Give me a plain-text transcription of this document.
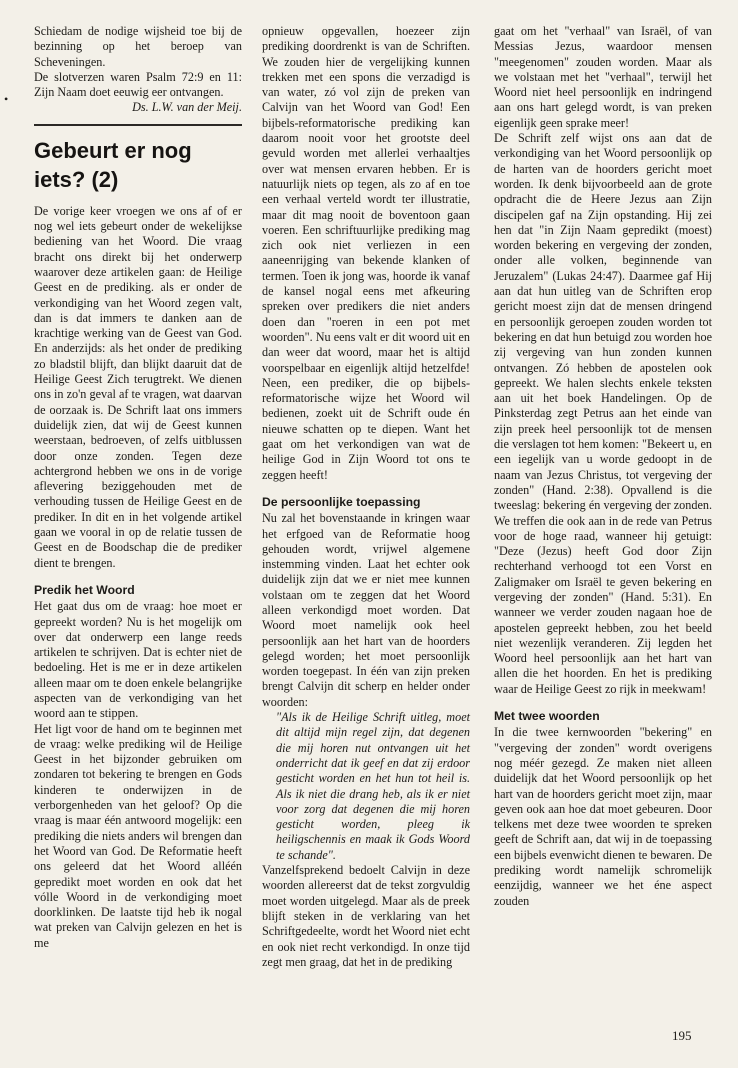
•

Schiedam de nodige wijsheid toe bij de bezinning op het beroep van Scheveningen.

De slotverzen waren Psalm 72:9 en 11: Zijn Naam doet eeuwig eer ontvangen.

Ds. L.W. van der Meij.

Gebeurt er nog iets? (2)

De vorige keer vroegen we ons af of er nog wel iets gebeurt onder de wekelijkse bediening van het Woord. Die vraag bracht ons direkt bij het onderwerp waarover deze artikelen gaan: de Heilige Geest en de prediking. als er onder de verkondiging van het Woord zegen valt, dan is dat immers te danken aan de krachtige werking van de Geest van God. En anderzijds: als het onder de prediking zo bladstil blijft, dan blijkt daaruit dat de Heilige Geest Zich terugtrekt. We dienen ons in zo'n geval af te vragen, wat daarvan de oorzaak is. De Schrift laat ons immers duidelijk zien, dat wij de Geest kunnen weerstaan, bedroeven, of zelfs uitblussen door onze zonden. Tegen deze achtergrond hebben we ons in de vorige aflevering beziggehouden met de verhouding tussen de Heilige Geest en de prediker. In dit en in het volgende artikel gaan we vooral in op de relatie tussen de Geest en de Boodschap die de prediker dient te brengen.

Predik het Woord

Het gaat dus om de vraag: hoe moet er gepreekt worden? Nu is het mogelijk om over dat onderwerp een lange reeds artikelen te schrijven. Dat is echter niet de bedoeling. Het is me er in deze artikelen alleen maar om te doen enkele belangrijke aspecten van de verkondiging van het woord aan te stippen.

Het ligt voor de hand om te beginnen met de vraag: welke prediking wil de Heilige Geest in het bijzonder gebruiken om zondaren tot bekering te brengen en Gods kinderen te onderwijzen in de verborgenheden van het geloof? Op die vraag is maar één antwoord mogelijk: een prediking die niets anders wil brengen dan het Woord van God. De Reformatie heeft ons geleerd dat het Woord alléén gepredikt moet worden en ook dat het vólle Woord in de verkondiging moet doorklinken. De laatste tijd heb ik nogal wat preken van Calvijn gelezen en het is me

opnieuw opgevallen, hoezeer zijn prediking doordrenkt is van de Schriften. We zouden hier de vergelijking kunnen trekken met een spons die verzadigd is van water, zó vol zijn de preken van Calvijn van het Woord van God! Een bijbels-reformatorische prediking kan daarom nooit voor het grootste deel gevuld worden met allerlei verhaaltjes over wat mensen ervaren hebben. Er is natuurlijk niets op tegen, als zo af en toe een verhaal verteld wordt ter illustratie, maar dit mag nooit de boventoon gaan voeren. Een schriftuurlijke prediking mag zich ook niet verliezen in een aaneenrijging van bekende klanken of termen. Toen ik jong was, hoorde ik vanaf de kansel nogal eens met afkeuring spreken over predikers die niet anders doen dan "roeren in een pot met woorden". Nu eens valt er dit woord uit en dan weer dat woord, maar het is altijd voorspelbaar en eigenlijk altijd hetzelfde! Neen, een prediker, die op bijbels-reformatorische wijze het Woord wil bedienen, zoekt uit de Schrift oude én nieuwe schatten op te diepen. Want het gaat om het verkondigen van wat de heilige God in Zijn Woord tot ons te zeggen heeft!

De persoonlijke toepassing

Nu zal het bovenstaande in kringen waar het erfgoed van de Reformatie hoog gehouden wordt, vrijwel algemene instemming vinden. Laat het echter ook duidelijk zijn dat we er niet mee kunnen volstaan om te zeggen dat het Woord alleen verkondigd moet worden. Dat Woord moet namelijk ook heel persoonlijk aan het hart van de hoorders gelegd worden; het moet persoonlijk worden toegepast. In één van zijn preken brengt Calvijn dit scherp en helder onder woorden:

"Als ik de Heilige Schrift uitleg, moet dit altijd mijn regel zijn, dat degenen die mij horen nut ontvangen uit het onderricht dat ik geef en dat zij erdoor gesticht worden en het hun tot heil is. Als ik niet die drang heb, als ik er niet voor zorg dat degenen die mij horen gesticht worden, pleeg ik heiligschennis en maak ik Gods Woord te schande".

Vanzelfsprekend bedoelt Calvijn in deze woorden allereerst dat de tekst zorgvuldig moet worden uitgelegd. Maar als de preek blijft steken in de verklaring van het Schriftgedeelte, wordt het Woord niet echt en ook niet recht verkondigd. In onze tijd zegt men graag, dat het in de prediking

gaat om het "verhaal" van Israël, of van Messias Jezus, waardoor mensen "meegenomen" zouden worden. Maar als we volstaan met het "verhaal", terwijl het Woord niet heel persoonlijk en indringend aan ons hart gelegd wordt, is van preken eigenlijk geen sprake meer!

De Schrift zelf wijst ons aan dat de verkondiging van het Woord persoonlijk op de harten van de hoorders gericht moet worden. Ik denk bijvoorbeeld aan de grote opdracht die de Heere Jezus aan Zijn discipelen gaf na Zijn opstanding. Hij zei hen dat "in Zijn Naam gepredikt (moest) worden bekering en vergeving der zonden, onder alle volken, beginnende van Jeruzalem" (Lukas 24:47). Daarmee gaf Hij aan dat hun uitleg van de Schriften erop gericht moest zijn dat de mensen dringend en persoonlijk geroepen zouden worden tot bekering en dat hun betuigd zou worden hoe zij vergeving van hun zonden kunnen ontvangen. Zó hebben de apostelen ook gepreekt. We halen slechts enkele teksten aan uit het boek Handelingen. Op de Pinksterdag zegt Petrus aan het einde van zijn preek heel persoonlijk tot de mensen die verslagen tot hem komen: "Bekeert u, en een iegelijk van u worde gedoopt in de naam van Jezus Christus, tot vergeving der zonden" (Hand. 2:38). Opvallend is die tweeslag: bekering én vergeving der zonden. We treffen die ook aan in de rede van Petrus voor de hoge raad, wanneer hij getuigt: "Deze (Jezus) heeft God door Zijn rechterhand verhoogd tot een Vorst en Zaligmaker om Israël te geven bekering en vergeving der zonden" (Hand. 5:31). En wanneer we verder zouden nagaan hoe de apostelen gepreekt hebben, zou het beeld niet wezenlijk veranderen. Zij legden het Woord heel persoonlijk aan het hart van allen die het hoorden. En het is prediking waar de Heilige Geest zo rijk in meekwam!

Met twee woorden

In die twee kernwoorden "bekering" en "vergeving der zonden" wordt overigens nog méér gezegd. Ze maken niet alleen duidelijk dat het Woord persoonlijk op het hart van de hoorders gericht moet zijn, maar geven ook aan hoe dat moet gebeuren. Door telkens met deze twee woorden te spreken geeft de Schrift aan, dat wij in de toepassing een bijbels evenwicht dienen te bewaren. De prediking wordt namelijk schromelijk eenzijdig, wanneer we het éne aspect zouden

195
